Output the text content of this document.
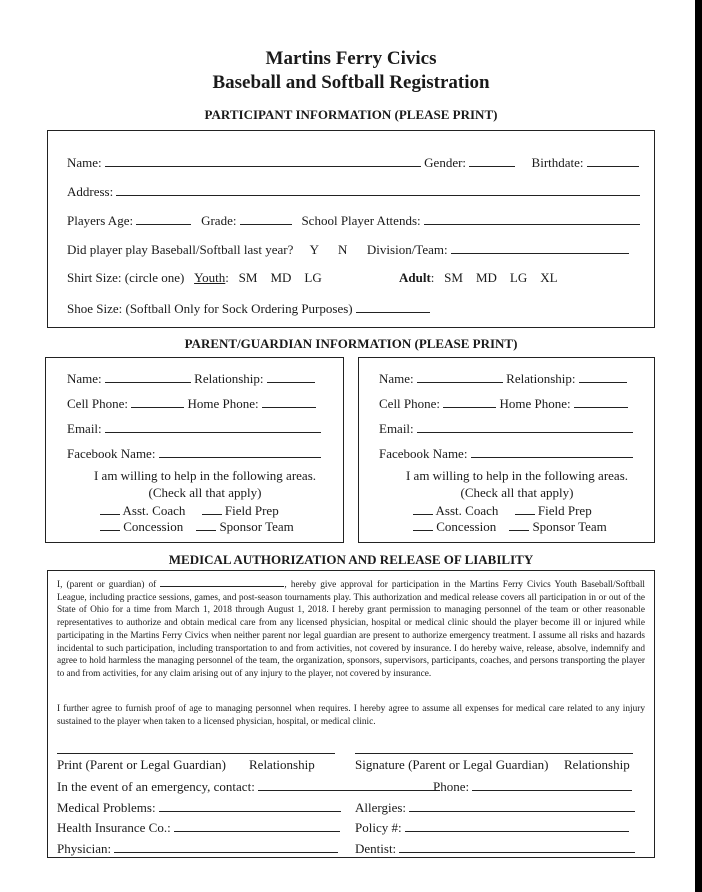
Martins Ferry Civics
Baseball and Softball Registration
PARTICIPANT INFORMATION (PLEASE PRINT)
Name:	Gender:	Birthdate:
Address:
Players Age:	Grade:	School Player Attends:
Did player play Baseball/Softball last year? Y N Division/Team:
Shirt Size: (circle one) Youth:   SM    MD    LG	Adult:   SM    MD    LG    XL
Shoe Size: (Softball Only for Sock Ordering Purposes)
PARENT/GUARDIAN INFORMATION (PLEASE PRINT)
Name:	Relationship:
Cell Phone:	Home Phone:
Email:
Facebook Name:
I am willing to help in the following areas.
(Check all that apply)
Asst. Coach	Field Prep
Concession	Sponsor Team
Name:	Relationship:
Cell Phone:	Home Phone:
Email:
Facebook Name:
I am willing to help in the following areas.
(Check all that apply)
Asst. Coach	Field Prep
Concession	Sponsor Team
MEDICAL AUTHORIZATION AND RELEASE OF LIABILITY
I, (parent or guardian) of	, hereby give approval for participation in the Martins Ferry Civics Youth Baseball/Softball League, including practice sessions, games, and post-season tournaments play. This authorization and medical release covers all participation in or out of the State of Ohio for a time from March 1, 2018 through August 1, 2018. I hereby grant permission to managing personnel of the team or other reasonable representatives to authorize and obtain medical care from any licensed physician, hospital or medical clinic should the player become ill or injured while participating in the Martins Ferry Civics when neither parent nor legal guardian are present to authorize emergency treatment. I assume all risks and hazards incidental to such participation, including transportation to and from activities, not covered by insurance. I do hereby waive, release, absolve, indemnify and agree to hold harmless the managing personnel of the team, the organization, sponsors, supervisors, participants, coaches, and persons transporting the player to and from activities, for any claim arising out of any injury to the player, not covered by insurance.
I further agree to furnish proof of age to managing personnel when requires. I hereby agree to assume all expenses for medical care related to any injury sustained to the player when taken to a licensed physician, hospital, or medical clinic.
Print (Parent or Legal Guardian) Relationship	Signature (Parent or Legal Guardian) Relationship
In the event of an emergency, contact:	Phone:
Medical Problems:	Allergies:
Health Insurance Co.:	Policy #:
Physician:	Dentist:
